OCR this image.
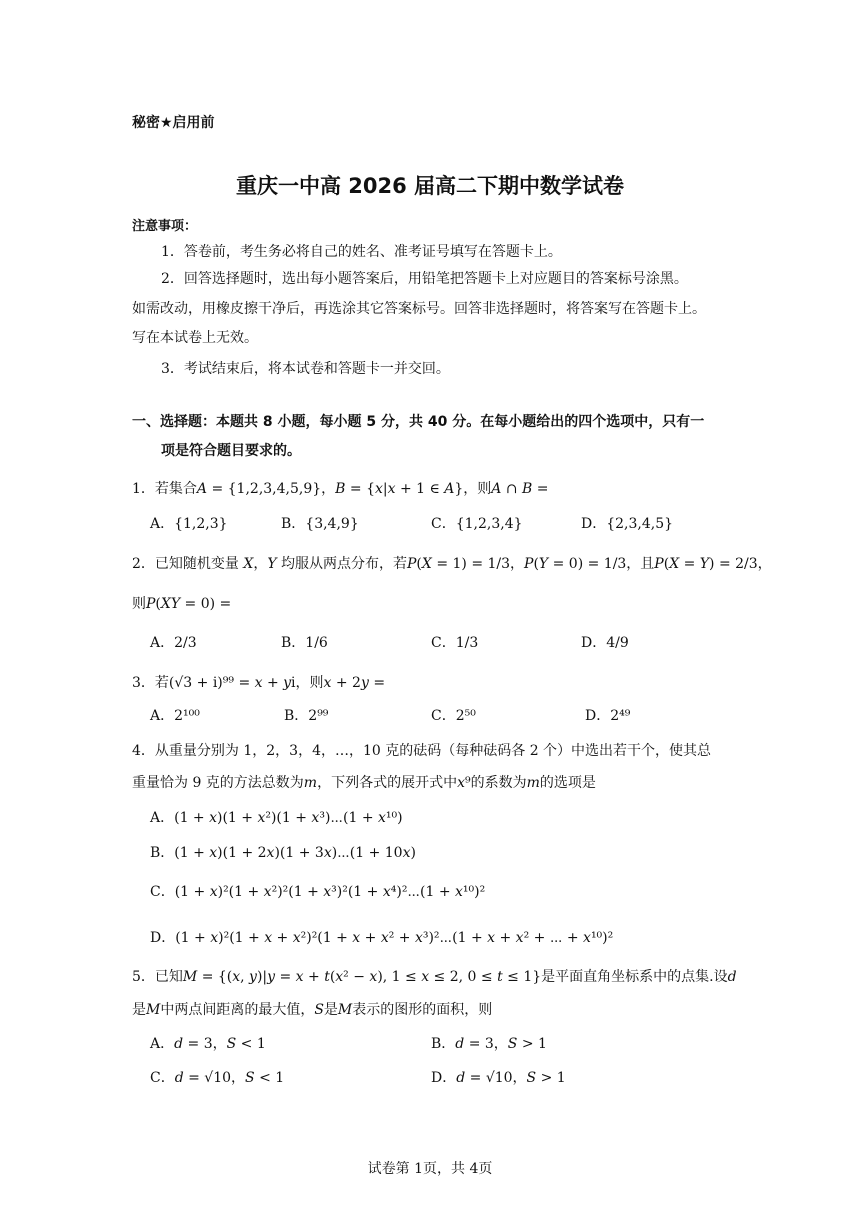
秘密★启用前
重庆一中高 2026 届高二下期中数学试卷
注意事项：
1．答卷前，考生务必将自己的姓名、准考证号填写在答题卡上。
2．回答选择题时，选出每小题答案后，用铅笔把答题卡上对应题目的答案标号涂黑。
如需改动，用橡皮擦干净后，再选涂其它答案标号。回答非选择题时，将答案写在答题卡上。
写在本试卷上无效。
3．考试结束后，将本试卷和答题卡一并交回。
一、选择题：本题共 8 小题，每小题 5 分，共 40 分。在每小题给出的四个选项中，只有一
项是符合题目要求的。
1．若集合𝐴 = {1,2,3,4,5,9}，𝐵 = {𝑥|𝑥 + 1 ∈ 𝐴}，则𝐴 ∩ 𝐵 =
A．{1,2,3}	B．{3,4,9}	C．{1,2,3,4}	D．{2,3,4,5}
2．已知随机变量 𝑋，𝑌 均服从两点分布，若𝑃(𝑋 = 1) = 1/3，𝑃(𝑌 = 0) = 1/3，且𝑃(𝑋 = 𝑌) = 2/3，
则𝑃(𝑋𝑌 = 0) =
A．2/3	B．1/6	C．1/3	D．4/9
3．若(√3 + i)⁹⁹ = 𝑥 + 𝑦i，则𝑥 + 2𝑦 =
A．2¹⁰⁰	B．2⁹⁹	C．2⁵⁰	D．2⁴⁹
4．从重量分别为 1，2，3，4，…，10 克的砝码（每种砝码各 2 个）中选出若干个，使其总
重量恰为 9 克的方法总数为𝑚，下列各式的展开式中𝑥⁹的系数为𝑚的选项是
A．(1 + 𝑥)(1 + 𝑥²)(1 + 𝑥³)⋯(1 + 𝑥¹⁰)
B．(1 + 𝑥)(1 + 2𝑥)(1 + 3𝑥)⋯(1 + 10𝑥)
C．(1 + 𝑥)²(1 + 𝑥²)²(1 + 𝑥³)²(1 + 𝑥⁴)²⋯(1 + 𝑥¹⁰)²
D．(1 + 𝑥)²(1 + 𝑥 + 𝑥²)²(1 + 𝑥 + 𝑥² + 𝑥³)²⋯(1 + 𝑥 + 𝑥² + ⋯ + 𝑥¹⁰)²
5．已知𝑀 = {(𝑥, 𝑦)|𝑦 = 𝑥 + 𝑡(𝑥² − 𝑥), 1 ≤ 𝑥 ≤ 2, 0 ≤ 𝑡 ≤ 1}是平面直角坐标系中的点集.设𝑑
是𝑀中两点间距离的最大值，𝑆是𝑀表示的图形的面积，则
A．𝑑 = 3，𝑆 < 1	B．𝑑 = 3，𝑆 > 1
C．𝑑 = √10，𝑆 < 1	D．𝑑 = √10，𝑆 > 1
试卷第 1页，共 4页
